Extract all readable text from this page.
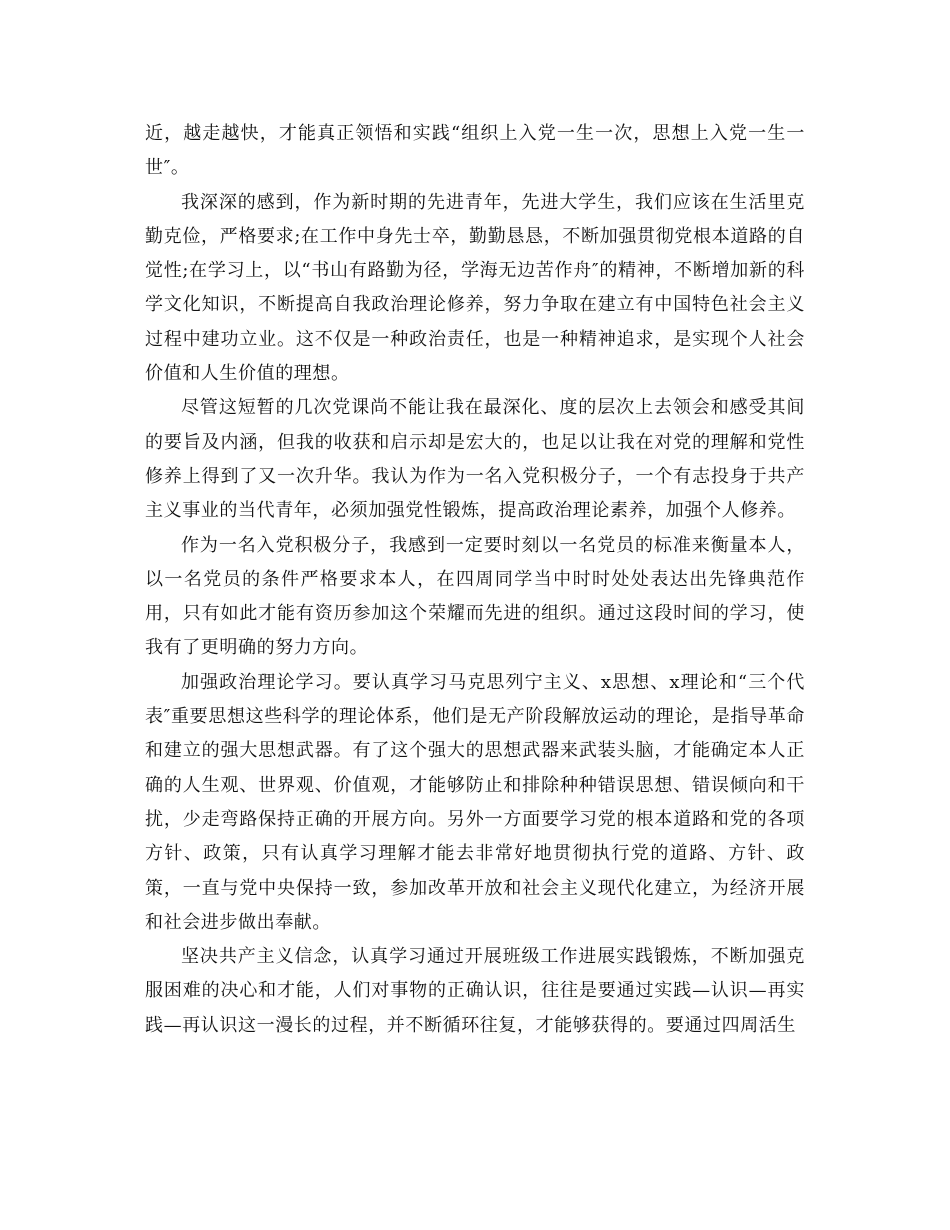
近，越走越快，才能真正领悟和实践“组织上入党一生一次，思想上入党一生一世″。

我深深的感到，作为新时期的先进青年，先进大学生，我们应该在生活里克勤克俭，严格要求;在工作中身先士卒，勤勤恳恳，不断加强贯彻党根本道路的自觉性;在学习上，以“书山有路勤为径，学海无边苦作舟″的精神，不断增加新的科学文化知识，不断提高自我政治理论修养，努力争取在建立有中国特色社会主义过程中建功立业。这不仅是一种政治责任，也是一种精神追求，是实现个人社会价值和人生价值的理想。

尽管这短暂的几次党课尚不能让我在最深化、度的层次上去领会和感受其间的要旨及内涵，但我的收获和启示却是宏大的，也足以让我在对党的理解和党性修养上得到了又一次升华。我认为作为一名入党积极分子，一个有志投身于共产主义事业的当代青年，必须加强党性锻炼，提高政治理论素养，加强个人修养。

作为一名入党积极分子，我感到一定要时刻以一名党员的标准来衡量本人，以一名党员的条件严格要求本人，在四周同学当中时时处处表达出先锋典范作用，只有如此才能有资历参加这个荣耀而先进的组织。通过这段时间的学习，使我有了更明确的努力方向。

加强政治理论学习。要认真学习马克思列宁主义、x思想、x理论和“三个代表″重要思想这些科学的理论体系，他们是无产阶段解放运动的理论，是指导革命和建立的强大思想武器。有了这个强大的思想武器来武装头脑，才能确定本人正确的人生观、世界观、价值观，才能够防止和排除种种错误思想、错误倾向和干扰，少走弯路保持正确的开展方向。另外一方面要学习党的根本道路和党的各项方针、政策，只有认真学习理解才能去非常好地贯彻执行党的道路、方针、政策，一直与党中央保持一致，参加改革开放和社会主义现代化建立，为经济开展和社会进步做出奉献。

坚决共产主义信念，认真学习通过开展班级工作进展实践锻炼，不断加强克服困难的决心和才能，人们对事物的正确认识，往往是要通过实践—认识—再实践—再认识这一漫长的过程，并不断循环往复，才能够获得的。要通过四周活生
